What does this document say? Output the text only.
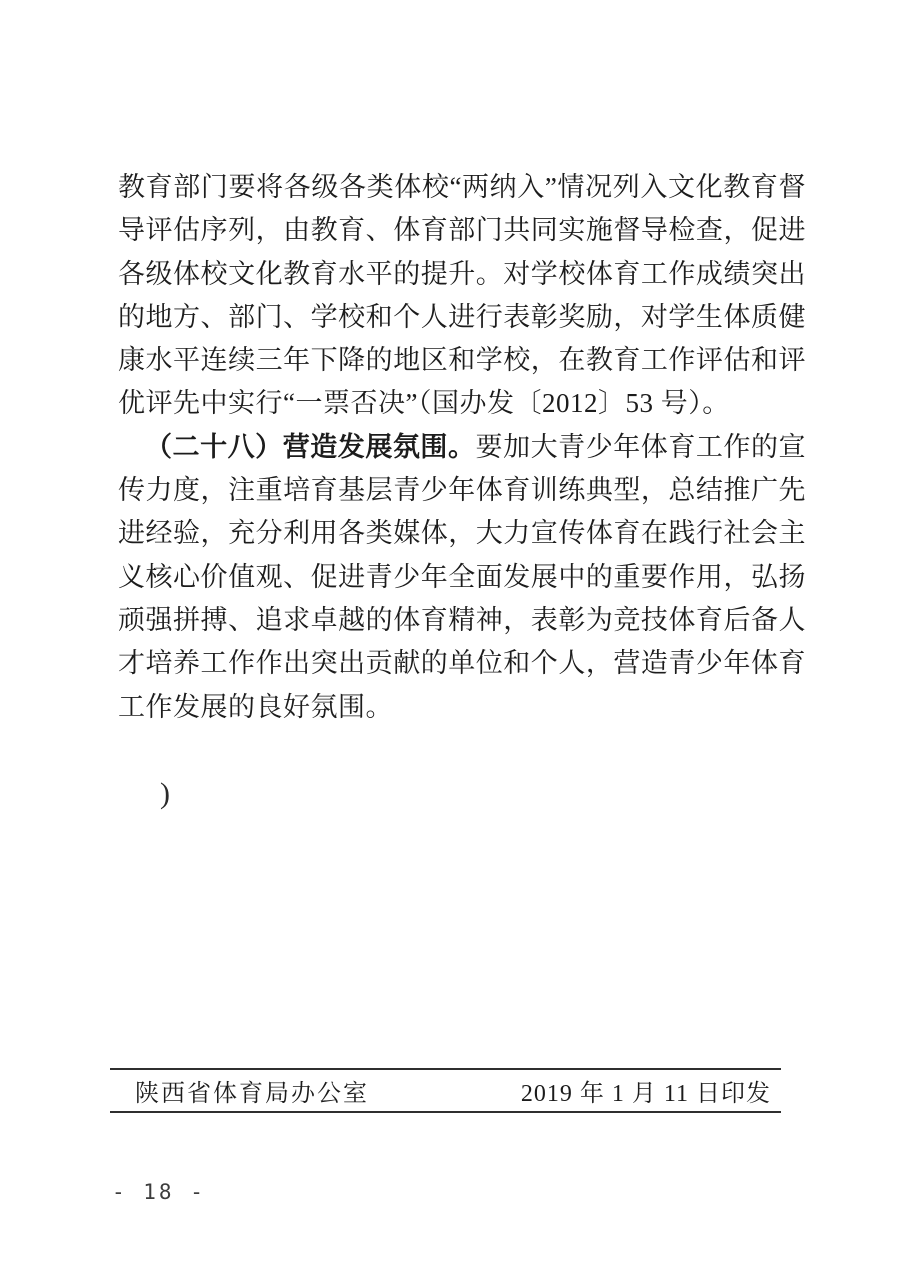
教育部门要将各级各类体校“两纳入”情况列入文化教育督导评估序列，由教育、体育部门共同实施督导检查，促进各级体校文化教育水平的提升。对学校体育工作成绩突出的地方、部门、学校和个人进行表彰奖励，对学生体质健康水平连续三年下降的地区和学校，在教育工作评估和评优评先中实行“一票否决”（国办发〔2012〕53 号）。

（二十八）营造发展氛围。要加大青少年体育工作的宣传力度，注重培育基层青少年体育训练典型，总结推广先进经验，充分利用各类媒体，大力宣传体育在践行社会主义核心价值观、促进青少年全面发展中的重要作用，弘扬顽强拼搏、追求卓越的体育精神，表彰为竞技体育后备人才培养工作作出突出贡献的单位和个人，营造青少年体育工作发展的良好氛围。

)
陕西省体育局办公室	2019 年 1 月 11 日印发
- 18 -
